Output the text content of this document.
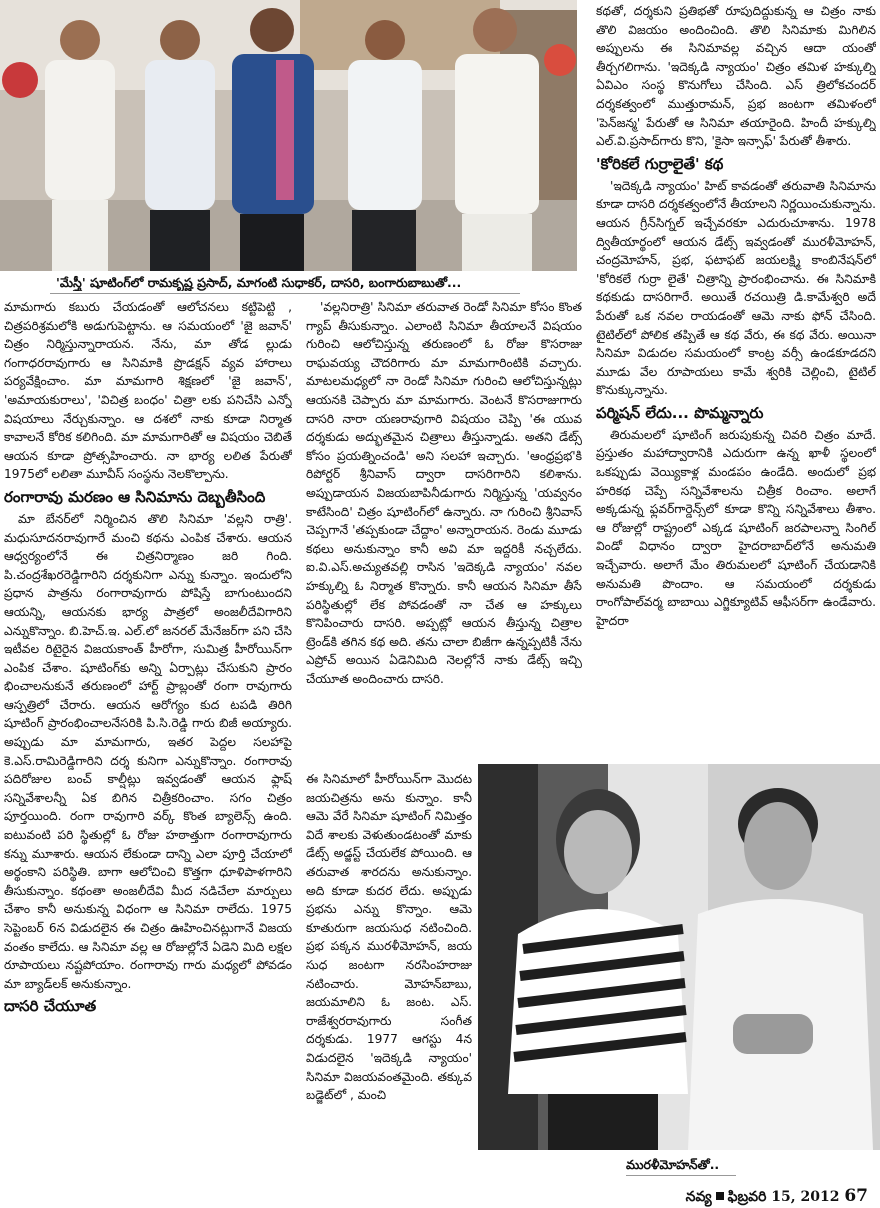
'మేస్త్రీ' షూటింగ్‌లో రామకృష్ణ ప్రసాద్, మాగంటి సుధాకర్, దాసరి, బంగారుబాబుతో...

మామగారు కబురు చేయడంతో ఆలోచనలు కట్టిపెట్టి , చిత్రపరిశ్రమలోకి అడుగుపెట్టాను. ఆ సమయంలో 'జై జవాన్' చిత్రం నిర్మిస్తున్నారాయన. నేను, మా తోడ ల్లుడు గంగాధరరావుగారు ఆ సినిమాకి ప్రొడక్షన్ వ్యవ హారాలు పర్యవేక్షించాం. మా మామగారి శిక్షణలో 'జై జవాన్', 'అమాయకురాలు', 'విచిత్ర బంధం' చిత్రా లకు పనిచేసి ఎన్నో విషయాలు నేర్చుకున్నాం. ఆ దశలో నాకు కూడా నిర్మాత కావాలనే కోరిక కలిగింది. మా మామగారితో ఆ విషయం చెబితే ఆయన కూడా ప్రోత్సహించారు. నా భార్య లలిత పేరుతో 1975లో లలితా మూవీస్ సంస్థను నెలకొల్పాను.

రంగారావు మరణం ఆ సినిమాను దెబ్బతీసింది

మా బేనర్‌లో నిర్మించిన తొలి సినిమా 'వల్లని రాత్రి'. మధుసూదనరావుగారే మంచి కథను ఎంపిక చేశారు. ఆయన ఆధ్వర్యంలోనే ఈ చిత్రనిర్మాణం జరి గింది. పి.చంద్రశేఖరరెడ్డిగారిని దర్శకునిగా ఎన్ను కున్నాం. ఇందులోని ప్రధాన పాత్రను రంగారావుగారు పోషిస్తే బాగుంటుందని ఆయన్ని, ఆయనకు భార్య పాత్రలో అంజలీదేవిగారిని ఎన్నుకొన్నాం. బి.హెచ్.ఇ. ఎల్.లో జనరల్ మేనేజర్‌గా పని చేసి ఇటీవల రిటైరైన విజయకాంత్ హీరోగా, సుమిత్ర హీరోయిన్‌గా ఎంపిక చేశాం. షూటింగ్‌కు అన్ని ఏర్పాట్లు చేసుకుని ప్రారం భించాలనుకునే తరుణంలో హార్ట్ ప్రాబ్లంతో రంగా రావుగారు ఆస్పత్రిలో చేరారు. ఆయన ఆరోగ్యం కుద టపడి తిరిగి షూటింగ్ ప్రారంభించాలనేసరికి పి.సి.రెడ్డి గారు బిజీ అయ్యారు. అప్పుడు మా మామగారు, ఇతర పెద్దల సలహాపై కె.ఎస్.రామిరెడ్డిగారిని దర్శ కునిగా ఎన్నుకొన్నాం. రంగారావు పదిరోజుల బంచ్ కాల్షీట్లు ఇవ్వడంతో ఆయన ఫ్లాష్ సన్నివేశాలన్నీ ఏక బిగిన చిత్రీకరించాం. సగం చిత్రం పూర్తయింది. రంగా రావుగారి వర్క్ కొంత బ్యాలెన్స్ ఉంది. ఐటువంటి పరి స్థితుల్లో ఓ రోజు హఠాత్తుగా రంగారావుగారు కన్ను మూశారు. ఆయన లేకుండా దాన్ని ఎలా పూర్తి చేయాలో అర్థంకాని పరిస్థితి. బాగా ఆలోచించి కొత్తగా ధూళిపాళగారిని తీసుకున్నాం. కథంతా అంజలీదేవి మీద నడిచేలా మార్పులు చేశాం కానీ అనుకున్న విధంగా ఆ సినిమా రాలేదు. 1975 సెప్టెంబర్ 6న విడుదలైన ఈ చిత్రం ఊహించినట్లుగానే విజయ వంతం కాలేదు. ఆ సినిమా వల్ల ఆ రోజుల్లోనే ఏడెని మిది లక్షల రూపాయలు నష్టపోయాం. రంగారావు గారు మధ్యలో పోవడం మా బ్యాడ్‌లక్ అనుకున్నాం.

దాసరి చేయూత

'వల్లనిరాత్రి' సినిమా తరువాత రెండో సినిమా కోసం కొంత గ్యాప్ తీసుకున్నాం. ఎలాంటి సినిమా తీయాలనే విషయం గురించి ఆలోచిస్తున్న తరుణంలో ఓ రోజు కొసరాజు రాఘవయ్య చౌదరిగారు మా మామగారింటికి వచ్చారు. మాటలమధ్యలో నా రెండో సినిమా గురించి ఆలోచిస్తున్నట్లు ఆయనకి చెప్పారు మా మామగారు. వెంటనే కొసరాజుగారు దాసరి నారా యణరావుగారి విషయం చెప్పి 'ఈ యువ దర్శకుడు అద్భుతమైన చిత్రాలు తీస్తున్నాడు. అతని డేట్స్ కోసం ప్రయత్నించండి' అని సలహా ఇచ్చారు. 'ఆంధ్రప్రభ'కి రిపోర్టర్ శ్రీనివాస్ ద్వారా దాసరిగారిని కలిశాను. అప్పుడాయన విజయబాపినీడుగారు నిర్మిస్తున్న 'యవ్వనం కాటేసింది' చిత్రం షూటింగ్‌లో ఉన్నారు. నా గురించి శ్రీనివాస్ చెప్పగానే 'తప్పకుండా చేద్దాం' అన్నారాయన. రెండు మూడు కథలు అనుకున్నాం కానీ అవి మా ఇద్దరికీ నచ్చలేదు. ఐ.వి.ఎస్.అచ్యుతవల్లి రాసిన 'ఇదెక్కడి న్యాయం' నవల హక్కుల్ని ఓ నిర్మాత కొన్నారు. కానీ ఆయన సినిమా తీసే పరిస్థితుల్లో లేక పోవడంతో నా చేత ఆ హక్కులు కొనిపించారు దాసరి. అప్పట్లో ఆయన తీస్తున్న చిత్రాల ట్రెండ్‌కి తగిన కథ అది. తను చాలా బిజీగా ఉన్నప్పటికీ నేను ఎప్రోచ్ అయిన ఏడెనిమిది నెలల్లోనే నాకు డేట్స్ ఇచ్చి చేయూత అందించారు దాసరి.

ఈ సినిమాలో హీరోయిన్‌గా మొదట జయచిత్రను అను కున్నాం. కానీ ఆమె వేరే సినిమా షూటింగ్ నిమిత్తం విదే శాలకు వెళుతుండటంతో మాకు డేట్స్ అడ్జస్ట్ చేయలేక పోయింది. ఆ తరువాత శారదను అనుకున్నాం. అది కూడా కుదర లేదు. అప్పుడు ప్రభను ఎన్ను కొన్నాం. ఆమె కూతురుగా జయసుధ నటించింది. ప్రభ పక్కన మురళీమోహన్, జయ సుధ జంటగా నరసింహరాజు నటించారు. మోహన్‌బాబు, జయమాలిని ఓ జంట. ఎస్. రాజేశ్వరరావుగారు సంగీత దర్శకుడు. 1977 ఆగస్టు 4న విడుదలైన 'ఇదెక్కడి న్యాయం' సినిమా విజయవంతమైంది. తక్కువ బడ్జెట్‌లో , మంచి

కథతో, దర్శకుని ప్రతిభతో రూపుదిద్దుకున్న ఆ చిత్రం నాకు తొలి విజయం అందించింది. తొలి సినిమాకు మిగిలిన అప్పులను ఈ సినిమావల్ల వచ్చిన ఆదా యంతో తీర్చగలిగాను. 'ఇదెక్కడి న్యాయం' చిత్రం తమిళ హక్కుల్ని ఏవిఎం సంస్థ కొనుగోలు చేసింది. ఎస్ త్రిలోకచందర్ దర్శకత్వంలో ముత్తురామన్, ప్రభ జంటగా తమిళంలో 'పెన్‌జన్మ' పేరుతో ఆ సినిమా తయారైంది. హిందీ హక్కుల్ని ఎల్.వి.ప్రసాద్‌గారు కొని, 'కైసా ఇన్సాఫ్' పేరుతో తీశారు.

'కోరికలే గుర్రాలైతే' కథ

'ఇదెక్కడి న్యాయం' హిట్ కావడంతో తరువాతి సినిమాను కూడా దాసరి దర్శకత్వంలోనే తీయాలని నిర్ణయించుకున్నాను. ఆయన గ్రీన్‌సిగ్నల్ ఇచ్చేవరకూ ఎదురుచూశాను. 1978 ద్వితీయార్థంలో ఆయన డేట్స్ ఇవ్వడంతో మురళీమోహన్, చంద్రమోహన్, ప్రభ, ఫటాఫట్ జయలక్ష్మి కాంబినేషన్‌లో 'కోరికలే గుర్రా లైతే' చిత్రాన్ని ప్రారంభించాను. ఈ సినిమాకి కథకుడు దాసరిగారే. అయితే రచయిత్రి డి.కామేశ్వరి అదే పేరుతో ఒక నవల రాయడంతో ఆమె నాకు ఫోన్ చేసింది. టైటిల్‌లో పోలిక తప్పితే ఆ కథ వేరు, ఈ కథ వేరు. అయినా సినిమా విడుదల సమయంలో కాంట్ర వర్సీ ఉండకూడదని మూడు వేల రూపాయలు కామే శ్వరికి చెల్లించి, టైటిల్ కొనుక్కున్నాను.

పర్మిషన్ లేదు... పొమ్మన్నారు

తిరుమలలో షూటింగ్ జరుపుకున్న చివరి చిత్రం మాదే. ప్రస్తుతం మహాద్వారానికి ఎదురుగా ఉన్న ఖాళీ స్థలంలో ఒకప్పుడు వెయ్యికాళ్ల మండపం ఉండేది. అందులో ప్రభ హరికథ చెప్పే సన్నివేశాలను చిత్రీక రించాం. అలాగే అక్కడున్న ఫ్లవర్‌గార్డెన్స్‌లో కూడా కొన్ని సన్నివేశాలు తీశాం. ఆ రోజుల్లో రాష్ట్రంలో ఎక్కడ షూటింగ్ జరపాలన్నా సింగిల్ విండో విధానం ద్వారా హైదరాబాద్‌లోనే అనుమతి ఇచ్చేవారు. అలాగే మేం తిరుమలలో షూటింగ్ చేయడానికి అనుమతి పొందాం. ఆ సమయంలో దర్శకుడు రాంగోపాల్‌వర్మ బాబాయి ఎగ్జిక్యూటివ్ ఆఫీసర్‌గా ఉండేవారు. హైదరా

మురళీమోహన్‌తో..
నవ్య ఫిబ్రవరి 15, 2012 67
